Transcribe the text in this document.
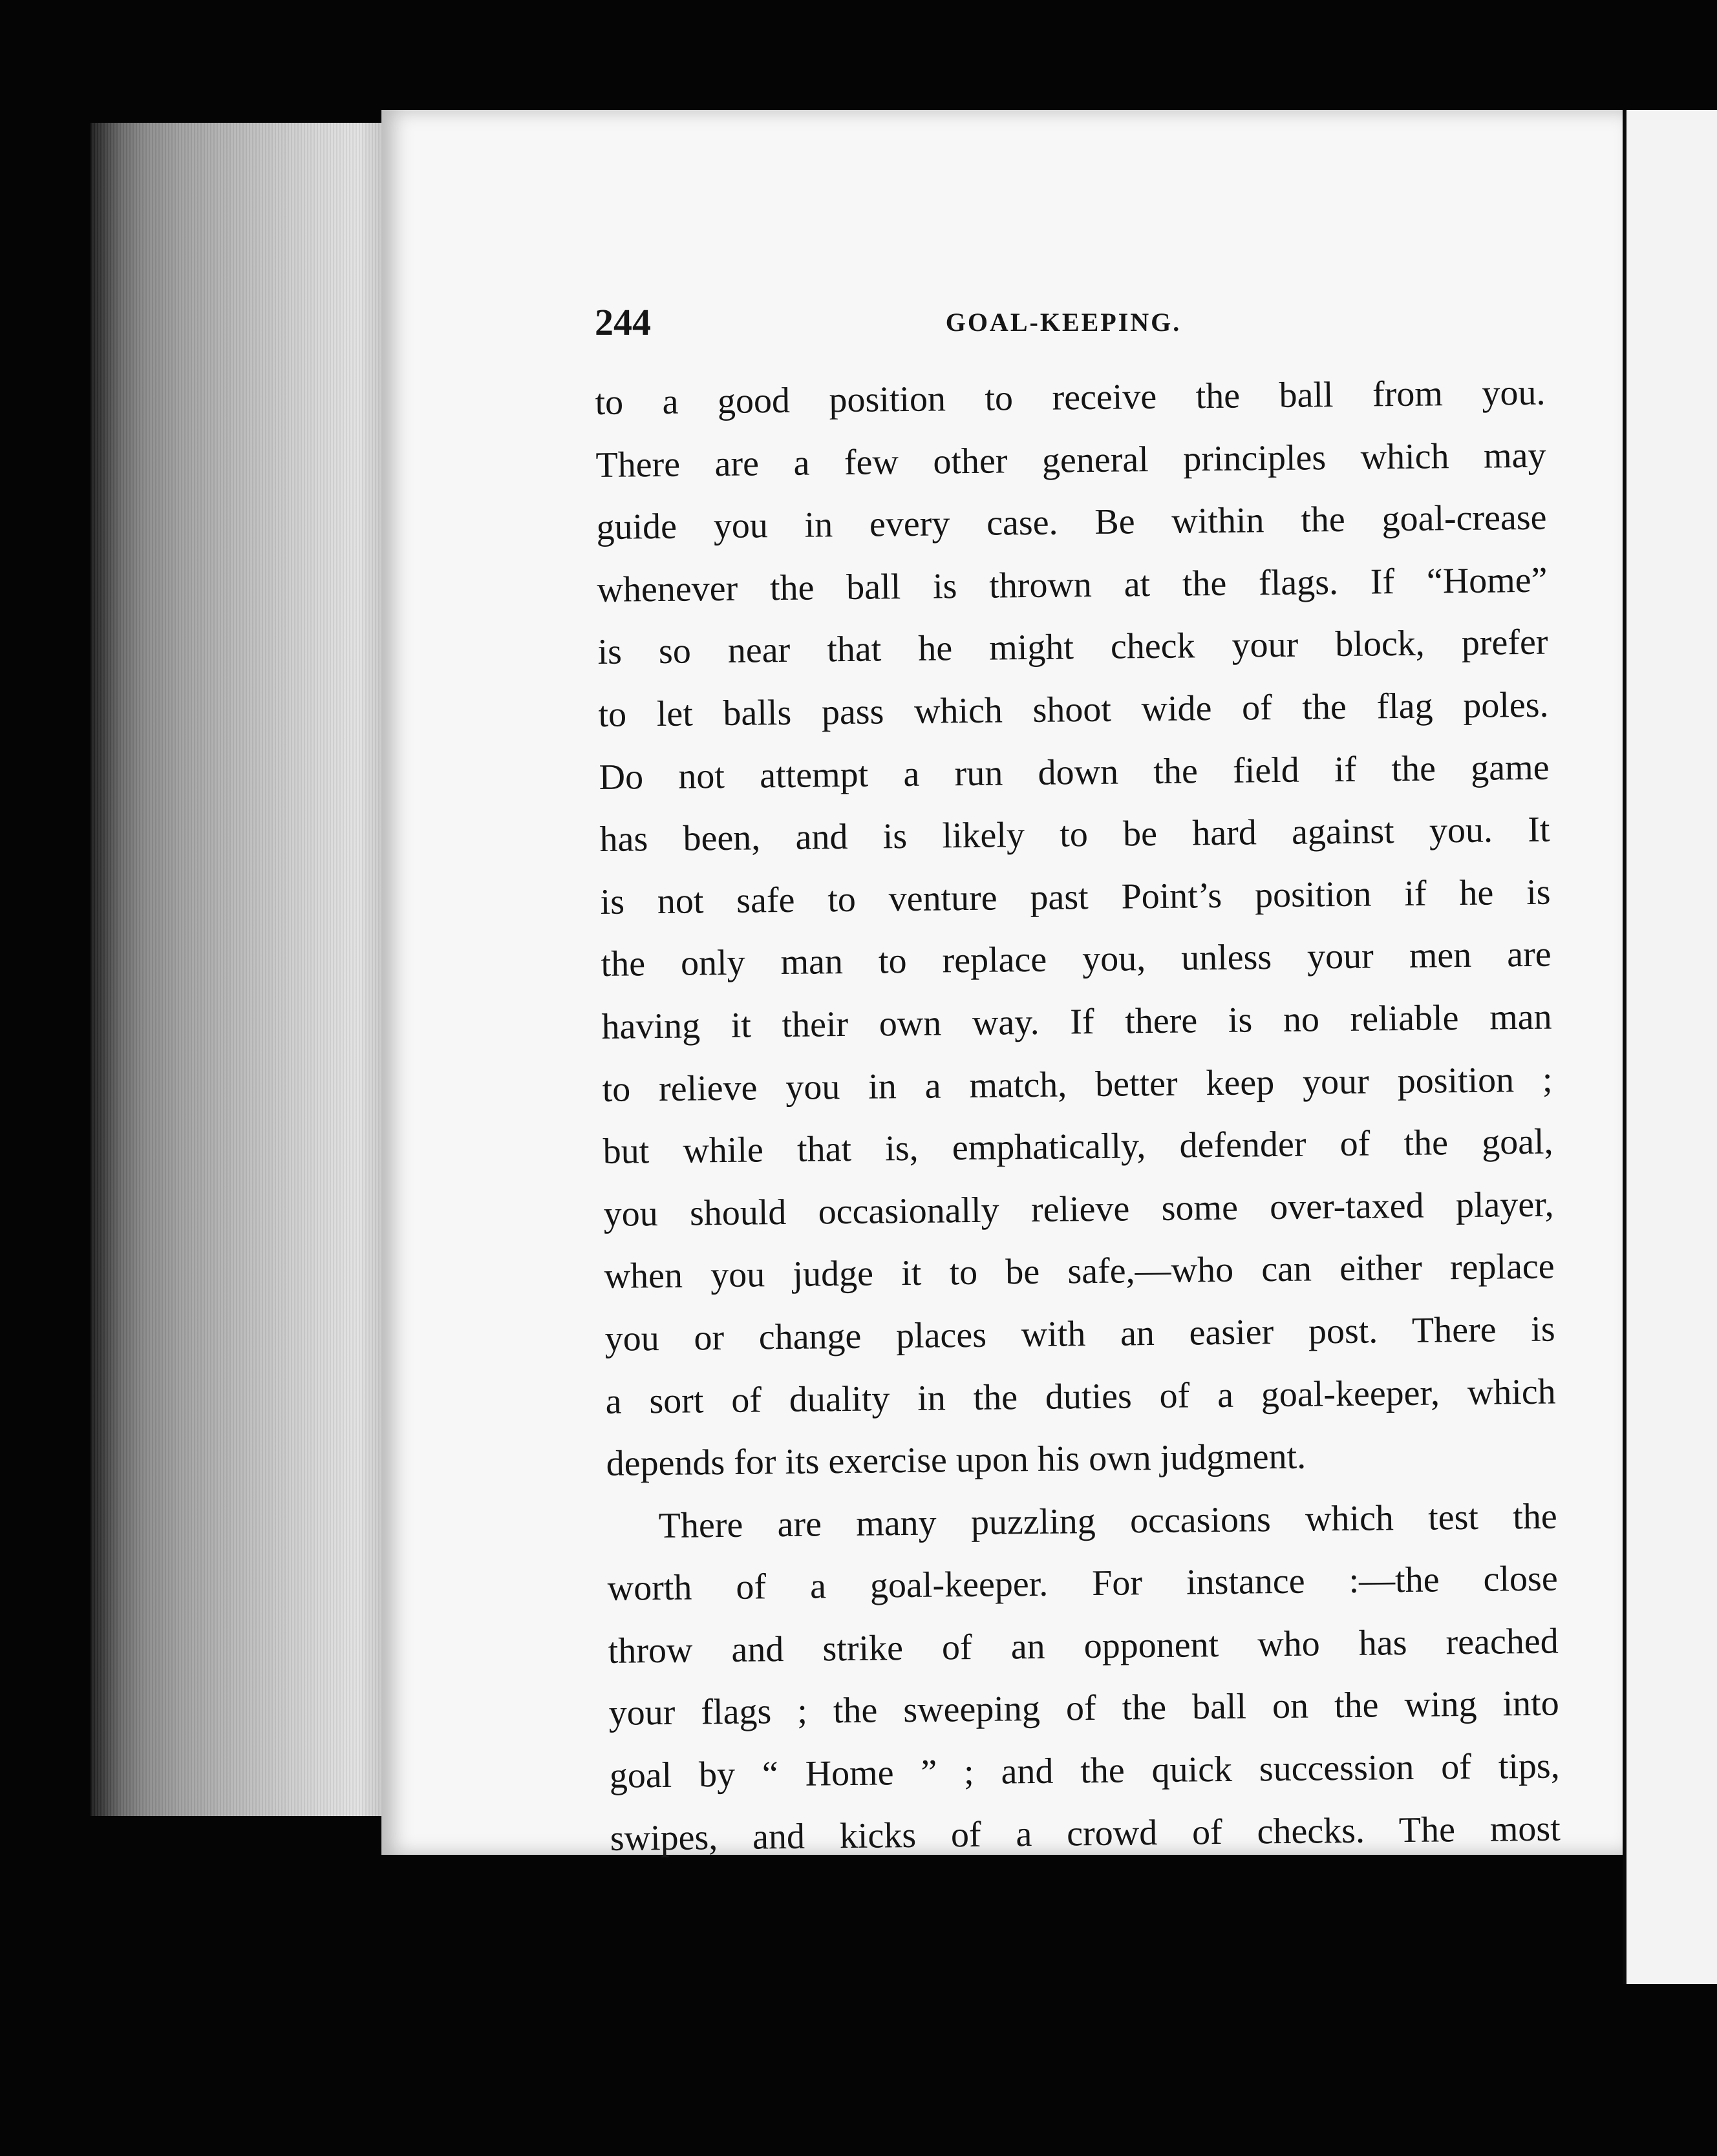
244	GOAL-KEEPING.
to a good position to receive the ball from you.
There are a few other general principles which may
guide you in every case. Be within the goal-crease
whenever the ball is thrown at the flags. If “Home”
is so near that he might check your block, prefer
to let balls pass which shoot wide of the flag poles.
Do not attempt a run down the field if the game
has been, and is likely to be hard against you. It
is not safe to venture past Point’s position if he is
the only man to replace you, unless your men are
having it their own way. If there is no reliable man
to relieve you in a match, better keep your position ;
but while that is, emphatically, defender of the goal,
you should occasionally relieve some over-taxed player,
when you judge it to be safe,—who can either replace
you or change places with an easier post. There is
a sort of duality in the duties of a goal-keeper, which
depends for its exercise upon his own judgment.
There are many puzzling occasions which test the
worth of a goal-keeper. For instance :—the close
throw and strike of an opponent who has reached
your flags ; the sweeping of the ball on the wing into
goal by “ Home ” ; and the quick succession of tips,
swipes, and kicks of a crowd of checks. The most
